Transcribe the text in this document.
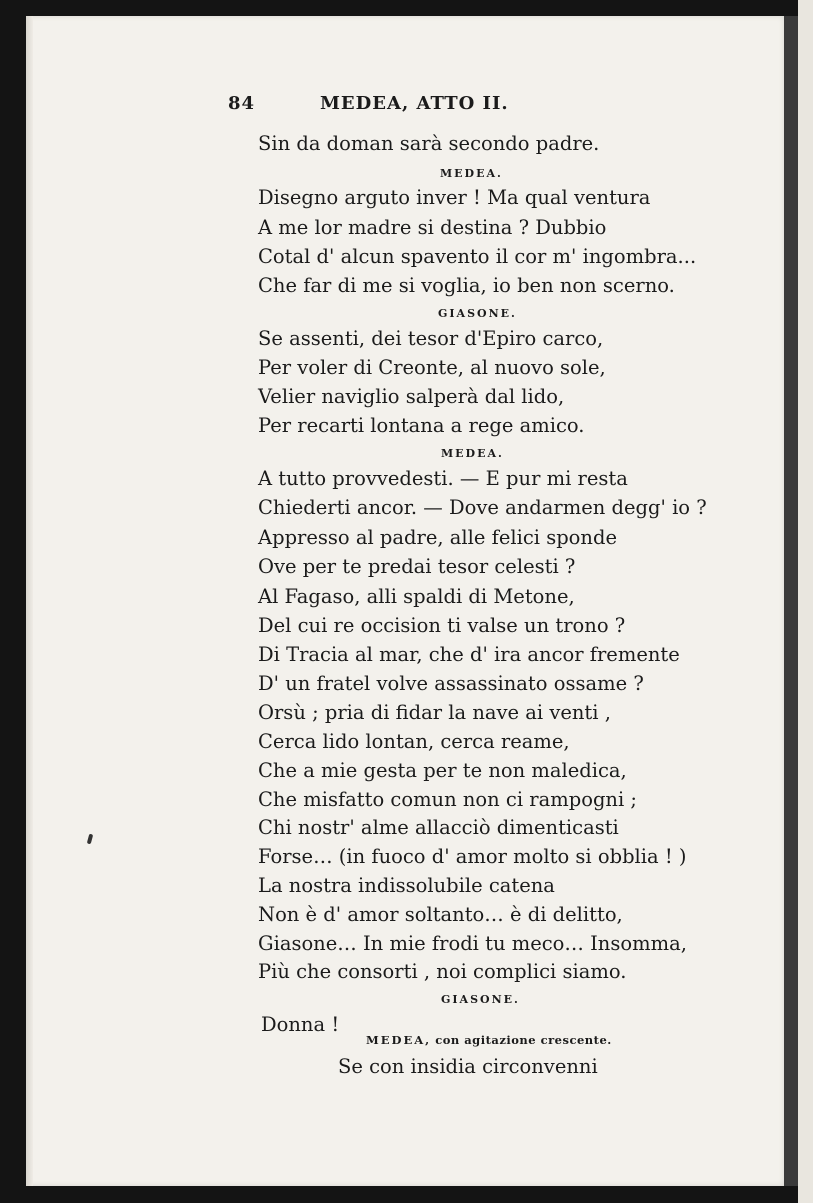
84	MEDEA, ATTO II.
Sin da doman sarà secondo padre.
MEDEA.
Disegno arguto inver ! Ma qual ventura
A me lor madre si destina ? Dubbio
Cotal d' alcun spavento il cor m' ingombra...
Che far di me si voglia, io ben non scerno.
GIASONE.
Se assenti, dei tesor d'Epiro carco,
Per voler di Creonte, al nuovo sole,
Velier naviglio salperà dal lido,
Per recarti lontana a rege amico.
MEDEA.
A tutto provvedesti. — E pur mi resta
Chiederti ancor. — Dove andarmen degg' io ?
Appresso al padre, alle felici sponde
Ove per te predai tesor celesti ?
Al Fagaso, alli spaldi di Metone,
Del cui re occision ti valse un trono ?
Di Tracia al mar, che d' ira ancor fremente
D' un fratel volve assassinato ossame ?
Orsù ; pria di fidar la nave ai venti ,
Cerca lido lontan, cerca reame,
Che a mie gesta per te non maledica,
Che misfatto comun non ci rampogni ;
Chi nostr' alme allacciò dimenticasti
Forse… (in fuoco d' amor molto si obblia ! )
La nostra indissolubile catena
Non è d' amor soltanto… è di delitto,
Giasone… In mie frodi tu meco… Insomma,
Più che consorti , noi complici siamo.
GIASONE.
Donna !
MEDEA, con agitazione crescente.
Se con insidia circonvenni
